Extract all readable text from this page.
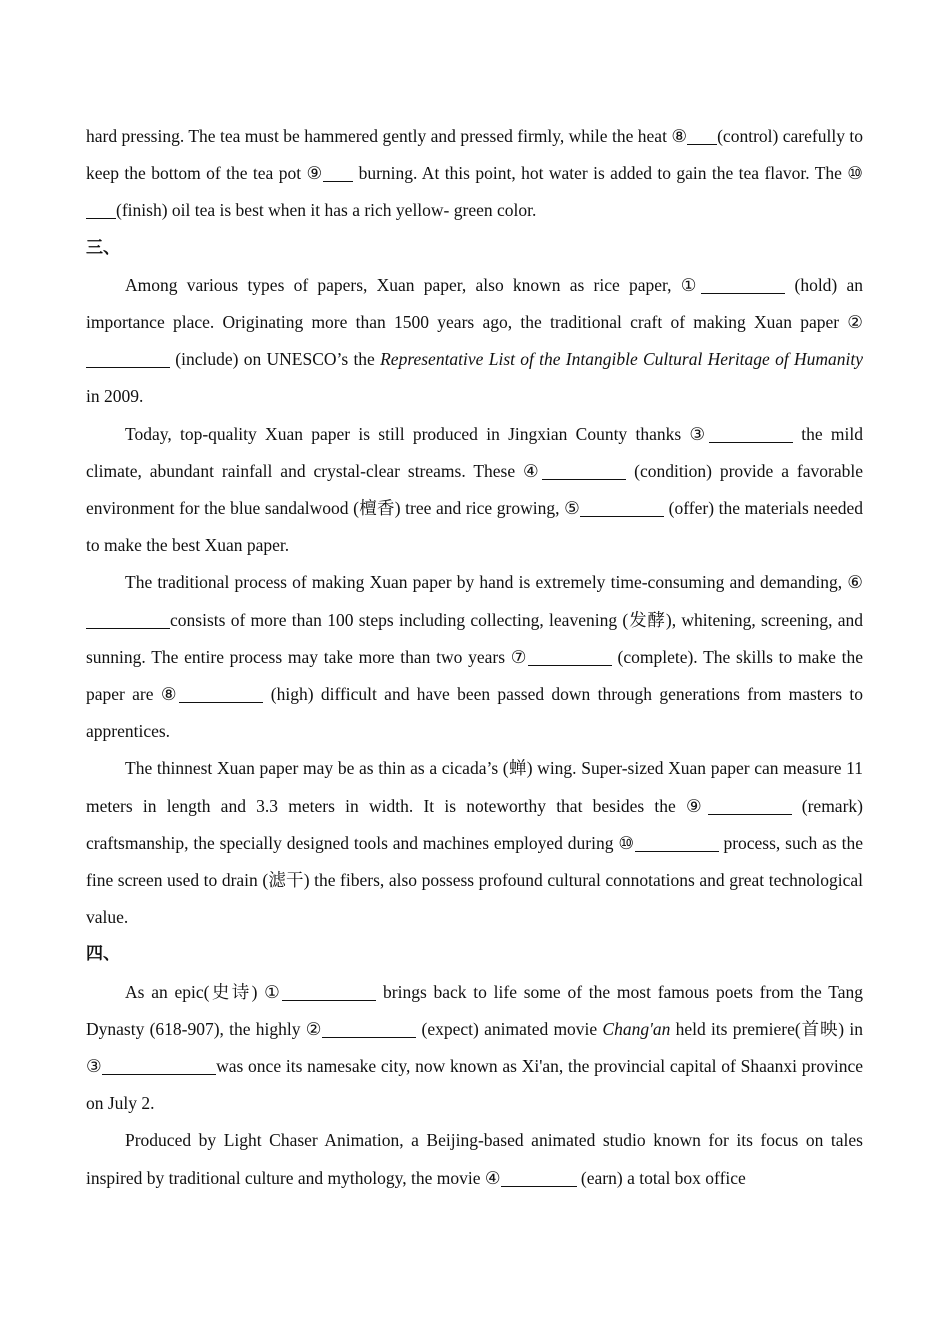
hard pressing. The tea must be hammered gently and pressed firmly, while the heat ⑧ (control) carefully to keep the bottom of the tea pot ⑨ burning. At this point, hot water is added to gain the tea flavor. The ⑩(finish) oil tea is best when it has a rich yellow- green color.

三、

Among various types of papers, Xuan paper, also known as rice paper, ①	(hold) an importance place. Originating more than 1500 years ago, the traditional craft of making Xuan paper ② (include) on UNESCO’s the Representative List of the Intangible Cultural Heritage of Humanity in 2009.

Today, top-quality Xuan paper is still produced in Jingxian County thanks ③	the mild climate, abundant rainfall and crystal-clear streams. These ④	(condition) provide a favorable environment for the blue sandalwood (檀香) tree and rice growing, ⑤	(offer) the materials needed to make the best Xuan paper.

The traditional process of making Xuan paper by hand is extremely time-consuming and demanding, ⑥consists of more than 100 steps including collecting, leavening (发酵), whitening, screening, and sunning. The entire process may take more than two years ⑦	(complete). The skills to make the paper are ⑧	(high) difficult and have been passed down through generations from masters to apprentices.

The thinnest Xuan paper may be as thin as a cicada’s (蝉) wing. Super-sized Xuan paper can measure 11 meters in length and 3.3 meters in width. It is noteworthy that besides the ⑨	(remark) craftsmanship, the specially designed tools and machines employed during ⑩	process, such as the fine screen used to drain (滤干) the fibers, also possess profound cultural connotations and great technological value.

四、

As an epic(史诗) ①	brings back to life some of the most famous poets from the Tang Dynasty (618-907), the highly ②	(expect) animated movie Chang'an held its premiere(首映) in ③	was once its namesake city, now known as Xi'an, the provincial capital of Shaanxi province on July 2.

Produced by Light Chaser Animation, a Beijing-based animated studio known for its focus on tales inspired by traditional culture and mythology, the movie ④	(earn) a total box office
